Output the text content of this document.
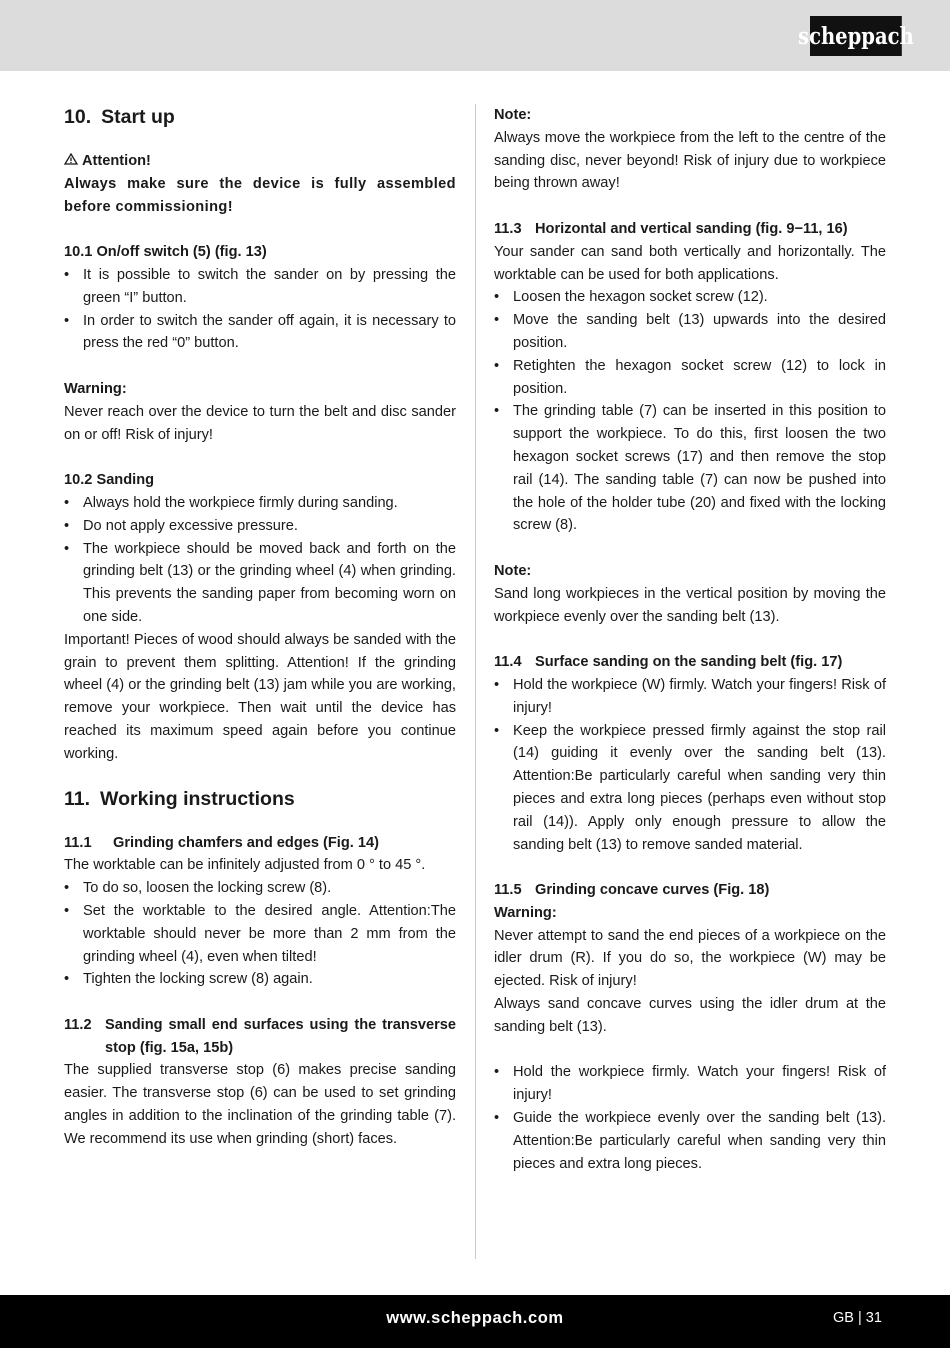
scheppach
10. Start up

Attention!

Always make sure the device is fully assembled before commissioning!

10.1 On/off switch (5) (fig. 13)

• It is possible to switch the sander on by pressing the green “I” button.
• In order to switch the sander off again, it is necessary to press the red “0” button.

Warning:

Never reach over the device to turn the belt and disc sander on or off! Risk of injury!

10.2 Sanding

• Always hold the workpiece firmly during sanding.
• Do not apply excessive pressure.
• The workpiece should be moved back and forth on the grinding belt (13) or the grinding wheel (4) when grinding. This prevents the sanding paper from becoming worn on one side.

Important! Pieces of wood should always be sanded with the grain to prevent them splitting. Attention! If the grinding wheel (4) or the grinding belt (13) jam while you are working, remove your workpiece. Then wait until the device has reached its maximum speed again before you continue working.

11. Working instructions

11.1 Grinding chamfers and edges (Fig. 14)

The worktable can be infinitely adjusted from 0 ° to 45 °.

• To do so, loosen the locking screw (8).
• Set the worktable to the desired angle. Attention:The worktable should never be more than 2 mm from the grinding wheel (4), even when tilted!
• Tighten the locking screw (8) again.

11.2 Sanding small end surfaces using the transverse stop (fig. 15a, 15b)

The supplied transverse stop (6) makes precise sanding easier. The transverse stop (6) can be used to set grinding angles in addition to the inclination of the grinding table (7). We recommend its use when grinding (short) faces.

Note:

Always move the workpiece from the left to the centre of the sanding disc, never beyond! Risk of injury due to workpiece being thrown away!

11.3 Horizontal and vertical sanding (fig. 9−11, 16)

Your sander can sand both vertically and horizontally. The worktable can be used for both applications.

• Loosen the hexagon socket screw (12).
• Move the sanding belt (13) upwards into the desired position.
• Retighten the hexagon socket screw (12) to lock in position.
• The grinding table (7) can be inserted in this position to support the workpiece. To do this, first loosen the two hexagon socket screws (17) and then remove the stop rail (14). The sanding table (7) can now be pushed into the hole of the holder tube (20) and fixed with the locking screw (8).

Note:

Sand long workpieces in the vertical position by moving the workpiece evenly over the sanding belt (13).

11.4 Surface sanding on the sanding belt (fig. 17)

• Hold the workpiece (W) firmly. Watch your fingers! Risk of injury!
• Keep the workpiece pressed firmly against the stop rail (14) guiding it evenly over the sanding belt (13). Attention:Be particularly careful when sanding very thin pieces and extra long pieces (perhaps even without stop rail (14)). Apply only enough pressure to allow the sanding belt (13) to remove sanded material.

11.5 Grinding concave curves (Fig. 18)

Warning:

Never attempt to sand the end pieces of a workpiece on the idler drum (R). If you do so, the workpiece (W) may be ejected. Risk of injury!

Always sand concave curves using the idler drum at the sanding belt (13).

• Hold the workpiece firmly. Watch your fingers! Risk of injury!
• Guide the workpiece evenly over the sanding belt (13). Attention:Be particularly careful when sanding very thin pieces and extra long pieces.
www.scheppach.com	GB | 31
